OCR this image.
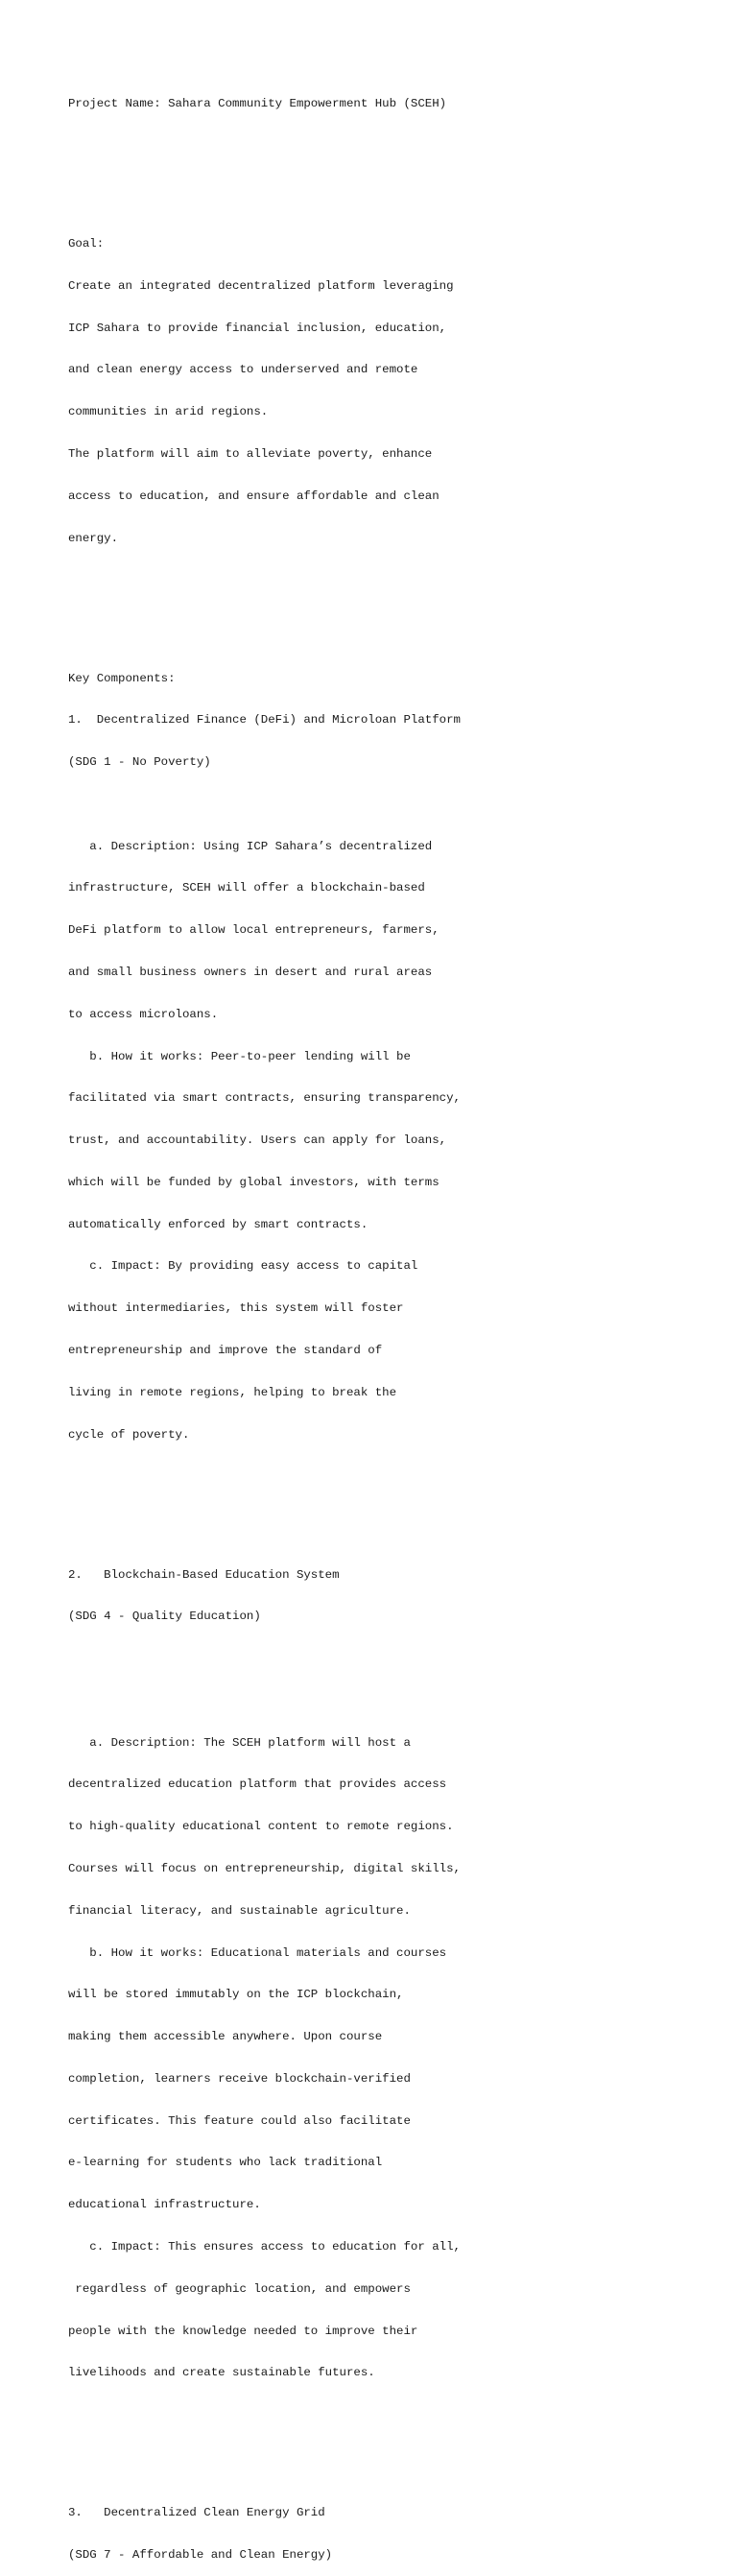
Project Name: Sahara Community Empowerment Hub (SCEH)

Goal:

Create an integrated decentralized platform leveraging

ICP Sahara to provide financial inclusion, education,

and clean energy access to underserved and remote

communities in arid regions.

The platform will aim to alleviate poverty, enhance

access to education, and ensure affordable and clean

energy.

Key Components:

1.  Decentralized Finance (DeFi) and Microloan Platform

(SDG 1 - No Poverty)

a. Description: Using ICP Sahara’s decentralized

infrastructure, SCEH will offer a blockchain-based

DeFi platform to allow local entrepreneurs, farmers,

and small business owners in desert and rural areas

to access microloans.

b. How it works: Peer-to-peer lending will be

facilitated via smart contracts, ensuring transparency,

trust, and accountability. Users can apply for loans,

which will be funded by global investors, with terms

automatically enforced by smart contracts.

c. Impact: By providing easy access to capital

without intermediaries, this system will foster

entrepreneurship and improve the standard of

living in remote regions, helping to break the

cycle of poverty.

2.   Blockchain-Based Education System

(SDG 4 - Quality Education)

a. Description: The SCEH platform will host a

decentralized education platform that provides access

to high-quality educational content to remote regions.

Courses will focus on entrepreneurship, digital skills,

financial literacy, and sustainable agriculture.

b. How it works: Educational materials and courses

will be stored immutably on the ICP blockchain,

making them accessible anywhere. Upon course

completion, learners receive blockchain-verified

certificates. This feature could also facilitate

e-learning for students who lack traditional

educational infrastructure.

c. Impact: This ensures access to education for all,

regardless of geographic location, and empowers

people with the knowledge needed to improve their

livelihoods and create sustainable futures.

3.   Decentralized Clean Energy Grid

(SDG 7 - Affordable and Clean Energy)
